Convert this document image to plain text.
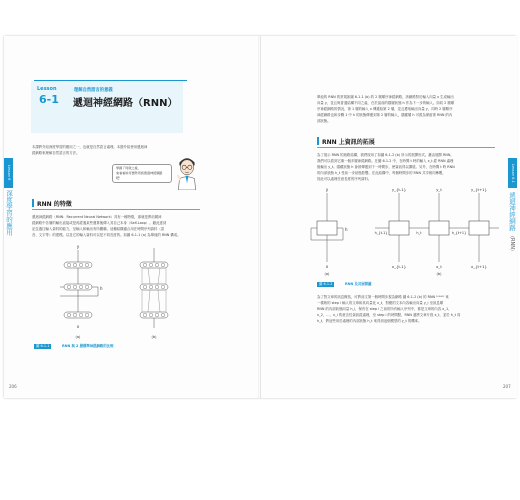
Lesson 6
深度學習的應用
Lesson
6-1
理解自然語言的意義
遞迴神經網路（RNN）
本課將介紹深度學習的應用之一，也就是自然語言處理。本節介紹使用遞迴神
經網路來理解自然語言的方法。
掌握了特徵之後，
來看看如何實際用到遞迴神經網路吧！
RNN 的特徵
遞迴神經網路（RNN：Recurrent Neural Network）具有一種特徵，那就是將前層神
經網路中各層的輸出直接或是再經過某些運算後傳入其自己本身（Self-Loop）。藉此達到
記住過往輸入資料的能力，呈輸入和輸出有所關聯。這種結構適合用在時間序列資料（語
音、文字等）的建模。以及它的輸入資料可以是不同長度的。如圖 6-1-1 (a) 為單純的 RNN 構成。
y
h
x
(a)	(b)
圖 6-1-1	RNN 與 2 層標準神經網路的比較
206
Lesson 6-1
遞迴神經網路
（RNN）
單純的 RNN 的常規如圖 6-1-1 (b) 的 2 層順序神經網路，該網路對於輸入向量 x 生成輸出
向量 y，並且與普通結構不同之處，在於當前的隱層狀態 h 作為下一步的輸入。如同 2 層順
序神經網路的情況，第 1 層的輸入 x 傳遞給第 2 層，並且獲取輸出向量 y，同時 2 層順序
神經網路也和步驟 1 中 h 的狀態傳遞到第 2 層的輸入，隱藏層 h 可視為保留著 RNN 的內
部狀態。
RNN 上資訊的拓展
為了展示 RNN 的迴路結構，我們採用了如圖 6-1-2 (b) 所示的展開形式。藉由展開 RNN，
我們可以看到它像一個多層神經網路。在圖 6-1-2 中，在時間 t 時的輸入 x_t 經 RNN 處理
後輸出 y_t。隱藏狀態 h 會被傳遞到下一時間步，使資訊得以擴展。另外，在時間 t 時 RNN
的內部狀態 h_t 受前一步狀態影響。在此結構中，每個時間步的 RNN 共享相同參數，
因此可以處理任意長度的序列資料。
y
h
x
(a)
y_{t-1}	y_t	y_{t+1}
h_{t-1}	h_t	h_{t+1}
x_{t-1}	x_t	x_{t+1}
(b)
圖 6-1-2	RNN 及其展開圖
為了對文章的訊息概括，可將前文第一個時間步視為網路 圖 6-1-2 (b) 的 RNN ¹⁰⁰⁰⁰¹ 來
一樣般的 step i 輸入的文章和其向量化 x_t，對應的文本內容輸出向量 y_i 至訊息順
RNN 的內部狀態向量 h_i，保有在 step i 之前的所有輸入序列中，都是文章的內容 x_1，
x_2，…，x_i 的意含性資訊經處理，至 step i 的時間點，RNN 還將文章片段 x_t，並於 h_t 同
h_t，將這些用於處理的內部狀態 h_t 來得到這個模型的 y_t 的機率。
207
